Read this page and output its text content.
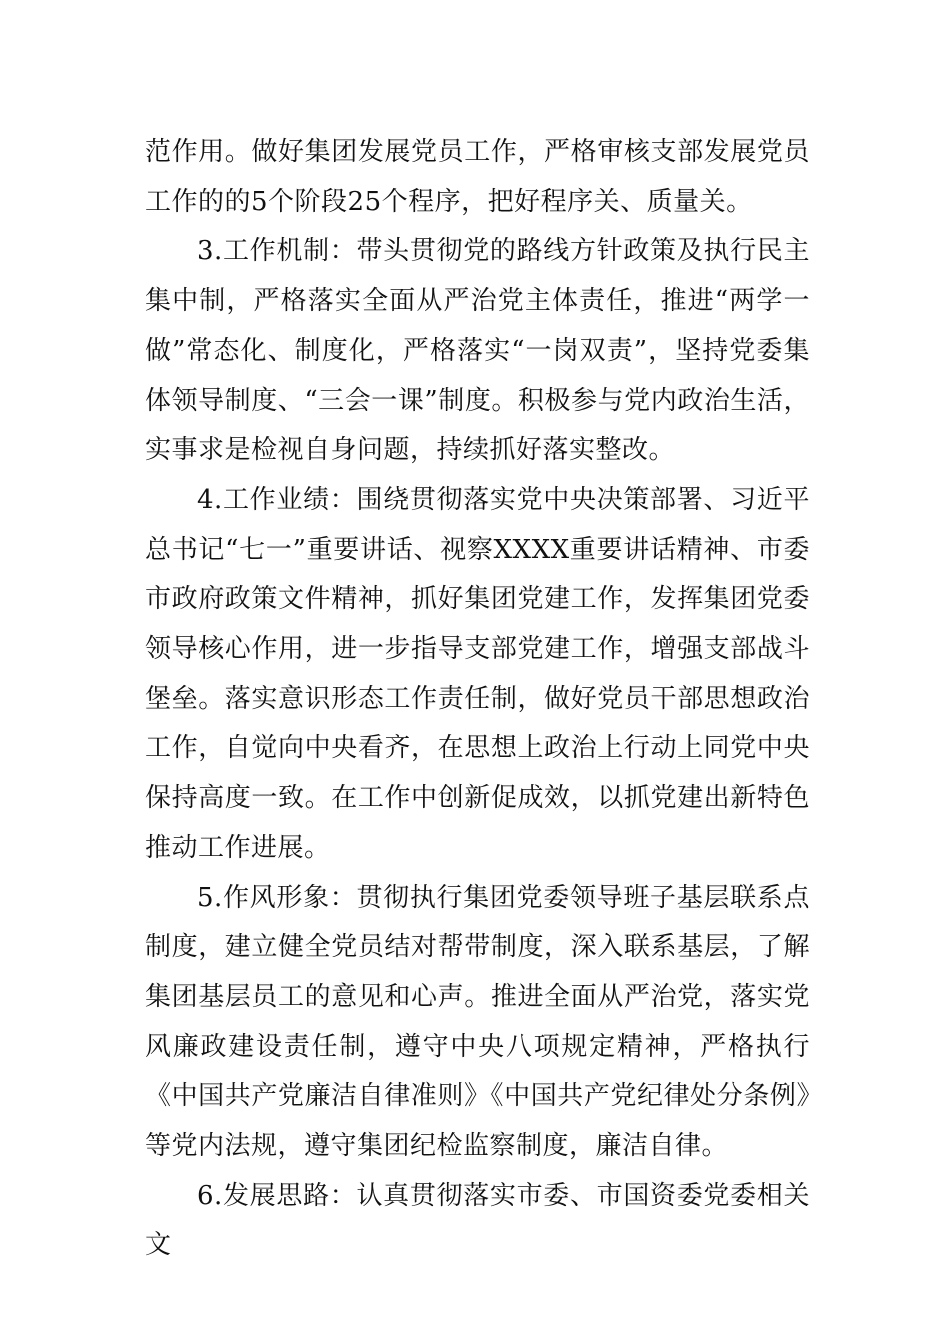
范作用。做好集团发展党员工作，严格审核支部发展党员工作的的5个阶段25个程序，把好程序关、质量关。

3.工作机制：带头贯彻党的路线方针政策及执行民主集中制，严格落实全面从严治党主体责任，推进“两学一做”常态化、制度化，严格落实“一岗双责”，坚持党委集体领导制度、“三会一课”制度。积极参与党内政治生活，实事求是检视自身问题，持续抓好落实整改。

4.工作业绩：围绕贯彻落实党中央决策部署、习近平总书记“七一”重要讲话、视察XXXX重要讲话精神、市委市政府政策文件精神，抓好集团党建工作，发挥集团党委领导核心作用，进一步指导支部党建工作，增强支部战斗堡垒。落实意识形态工作责任制，做好党员干部思想政治工作，自觉向中央看齐，在思想上政治上行动上同党中央保持高度一致。在工作中创新促成效，以抓党建出新特色推动工作进展。

5.作风形象：贯彻执行集团党委领导班子基层联系点制度，建立健全党员结对帮带制度，深入联系基层，了解集团基层员工的意见和心声。推进全面从严治党，落实党风廉政建设责任制，遵守中央八项规定精神，严格执行《中国共产党廉洁自律准则》《中国共产党纪律处分条例》等党内法规，遵守集团纪检监察制度，廉洁自律。

6.发展思路：认真贯彻落实市委、市国资委党委相关文
